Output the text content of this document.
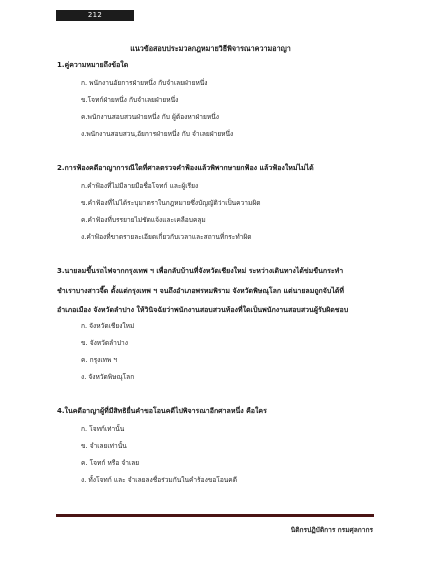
212
แนวข้อสอบประมวลกฎหมายวิธีพิจารณาความอาญา
1.คู่ความหมายถึงข้อใด
ก. พนักงานอัยการฝ่ายหนึ่ง กับจำเลยฝ่ายหนึ่ง
ข.โจทก์ฝ่ายหนึ่ง กับจำเลยฝ่ายหนึ่ง
ค.พนักงานสอบสวนฝ่ายหนึ่ง กับ ผู้ต้องหาฝ่ายหนึ่ง
ง.พนักงานสอบสวน,อัยการฝ่ายหนึ่ง กับ จำเลยฝ่ายหนึ่ง
2.การฟ้องคดีอาญาการณีใดที่ศาลตรวจคำฟ้องแล้วพิพากษายกฟ้อง แล้วฟ้องใหม่ไม่ได้
ก.คำฟ้องที่ไม่มีลายมือชื่อโจทก์ และผู้เรียง
ข.คำฟ้องที่ไม่ได้ระบุมาตราในกฎหมายซึ่งบัญญัติว่าเป็นความผิด
ค.คำฟ้องที่บรรยายไม่ชัดแจ้งและเคลือบคลุม
ง.คำฟ้องที่ขาดรายละเอียดเกี่ยวกับเวลาและสถานที่กระทำผิด
3.นายลมขึ้นรถไฟจากกรุงเทพ ฯ เพื่อกลับบ้านที่จังหวัดเชียงใหม่ ระหว่างเดินทางได้ข่มขืนกระทำชำเราบางสาวจี๊ด ตั้งแต่กรุงเทพ ฯ จนถึงอำเภอพรหมพิราม จังหวัดพิษณุโลก แต่นายลมถูกจับได้ที่อำเภอเมือง จังหวัดลำปาง ให้วินิจฉัยว่าพนักงานสอบสวนท้องที่ใดเป็นพนักงานสอบสวนผู้รับผิดชอบ
ก. จังหวัดเชียงใหม่
ข. จังหวัดลำปาง
ค. กรุงเทพ ฯ
ง. จังหวัดพิษณุโลก
4.ในคดีอาญาผู้ที่มีสิทธิยื่นคำขอโอนคดีไปพิจารณาอีกศาลหนึ่ง คือใคร
ก. โจทก์เท่านั้น
ข. จำเลยเท่านั้น
ค. โจทก์ หรือ จำเลย
ง. ทั้งโจทก์ และ จำเลยลงชื่อร่วมกันในคำร้องขอโอนคดี
นิติกรปฏิบัติการ กรมศุลกากร
